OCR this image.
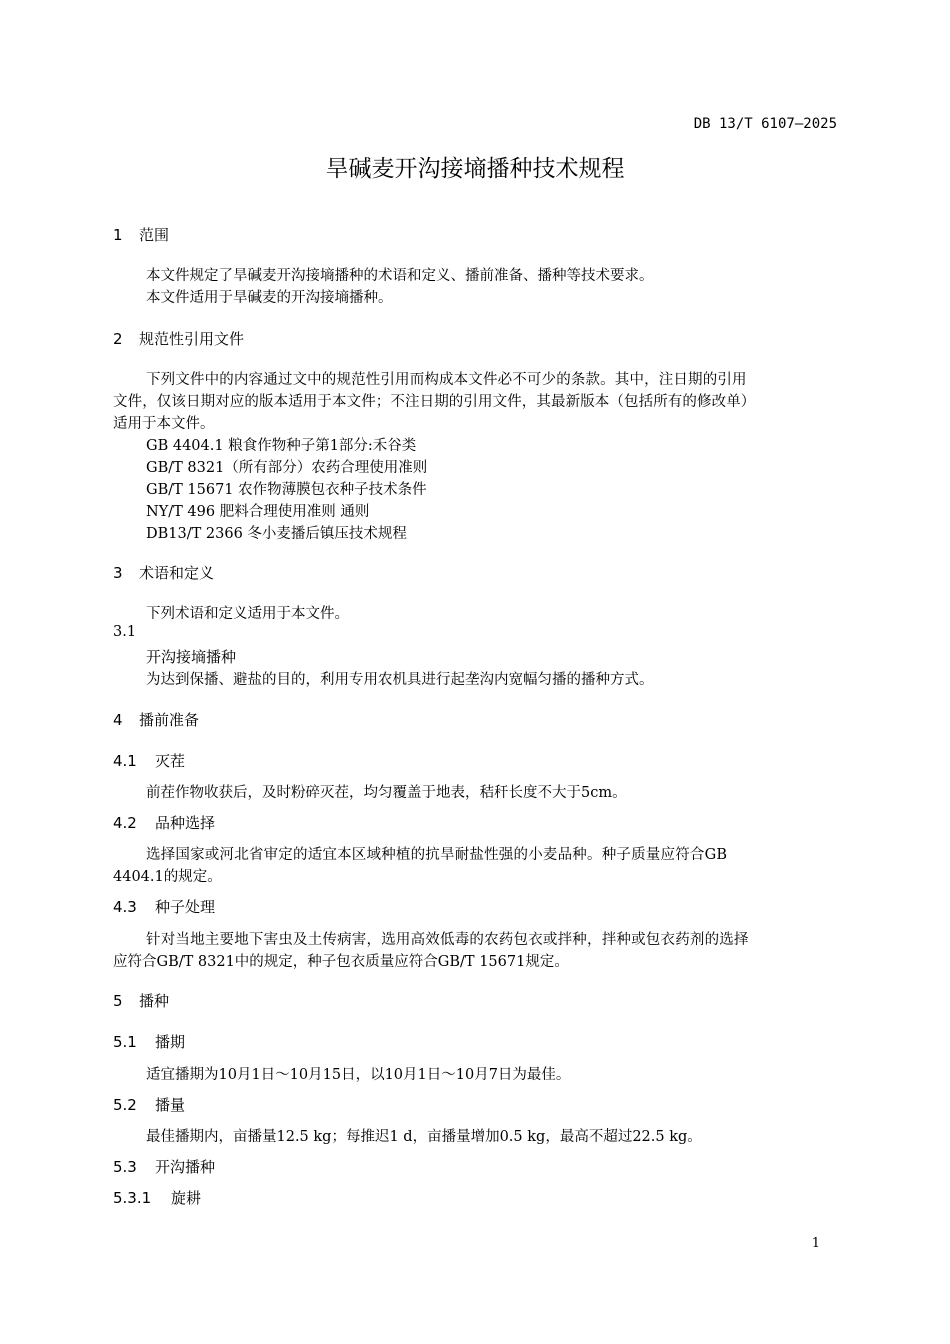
DB 13/T 6107—2025
旱碱麦开沟接墒播种技术规程
1 范围
本文件规定了旱碱麦开沟接墒播种的术语和定义、播前准备、播种等技术要求。
本文件适用于旱碱麦的开沟接墒播种。
2 规范性引用文件
下列文件中的内容通过文中的规范性引用而构成本文件必不可少的条款。其中，注日期的引用
文件，仅该日期对应的版本适用于本文件；不注日期的引用文件，其最新版本（包括所有的修改单）
适用于本文件。
GB 4404.1 粮食作物种子第1部分:禾谷类
GB/T 8321（所有部分）农药合理使用准则
GB/T 15671 农作物薄膜包衣种子技术条件
NY/T 496 肥料合理使用准则 通则
DB13/T 2366 冬小麦播后镇压技术规程
3 术语和定义
下列术语和定义适用于本文件。
3.1
开沟接墒播种
为达到保播、避盐的目的，利用专用农机具进行起垄沟内宽幅匀播的播种方式。
4 播前准备
4.1 灭茬
前茬作物收获后，及时粉碎灭茬，均匀覆盖于地表，秸秆长度不大于5cm。
4.2 品种选择
选择国家或河北省审定的适宜本区域种植的抗旱耐盐性强的小麦品种。种子质量应符合GB
4404.1的规定。
4.3 种子处理
针对当地主要地下害虫及土传病害，选用高效低毒的农药包衣或拌种，拌种或包衣药剂的选择
应符合GB/T 8321中的规定，种子包衣质量应符合GB/T 15671规定。
5 播种
5.1 播期
适宜播期为10月1日～10月15日，以10月1日～10月7日为最佳。
5.2 播量
最佳播期内，亩播量12.5 kg；每推迟1 d，亩播量增加0.5 kg，最高不超过22.5 kg。
5.3 开沟播种
5.3.1 旋耕
1
